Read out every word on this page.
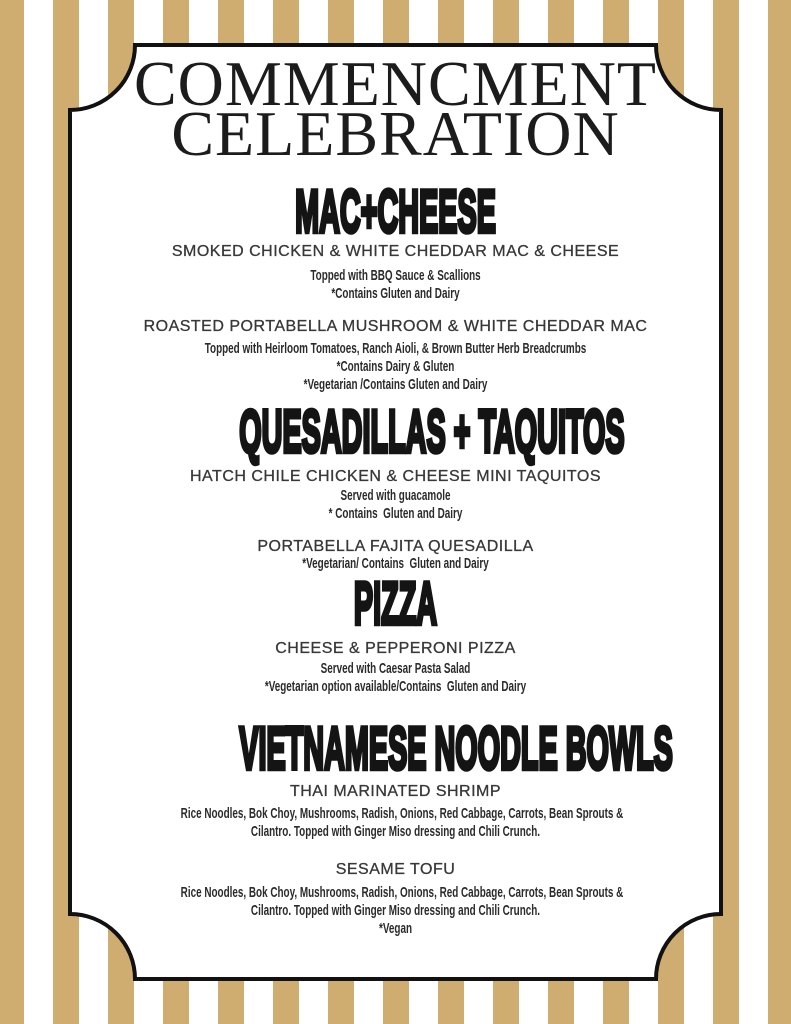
COMMENCMENT
CELEBRATION
MAC+CHEESE
SMOKED CHICKEN & WHITE CHEDDAR MAC & CHEESE
Topped with BBQ Sauce & Scallions
*Contains Gluten and Dairy
ROASTED PORTABELLA MUSHROOM & WHITE CHEDDAR MAC
Topped with Heirloom Tomatoes, Ranch Aioli, & Brown Butter Herb Breadcrumbs
*Contains Dairy & Gluten
*Vegetarian /Contains Gluten and Dairy
QUESADILLAS + TAQUITOS
HATCH CHILE CHICKEN & CHEESE MINI TAQUITOS
Served with guacamole
* Contains  Gluten and Dairy
PORTABELLA FAJITA QUESADILLA
*Vegetarian/ Contains  Gluten and Dairy
PIZZA
CHEESE & PEPPERONI PIZZA
Served with Caesar Pasta Salad
*Vegetarian option available/Contains  Gluten and Dairy
VIETNAMESE NOODLE BOWLS
THAI MARINATED SHRIMP
Rice Noodles, Bok Choy, Mushrooms, Radish, Onions, Red Cabbage, Carrots, Bean Sprouts &
Cilantro. Topped with Ginger Miso dressing and Chili Crunch.
SESAME TOFU
Rice Noodles, Bok Choy, Mushrooms, Radish, Onions, Red Cabbage, Carrots, Bean Sprouts &
Cilantro. Topped with Ginger Miso dressing and Chili Crunch.
*Vegan
